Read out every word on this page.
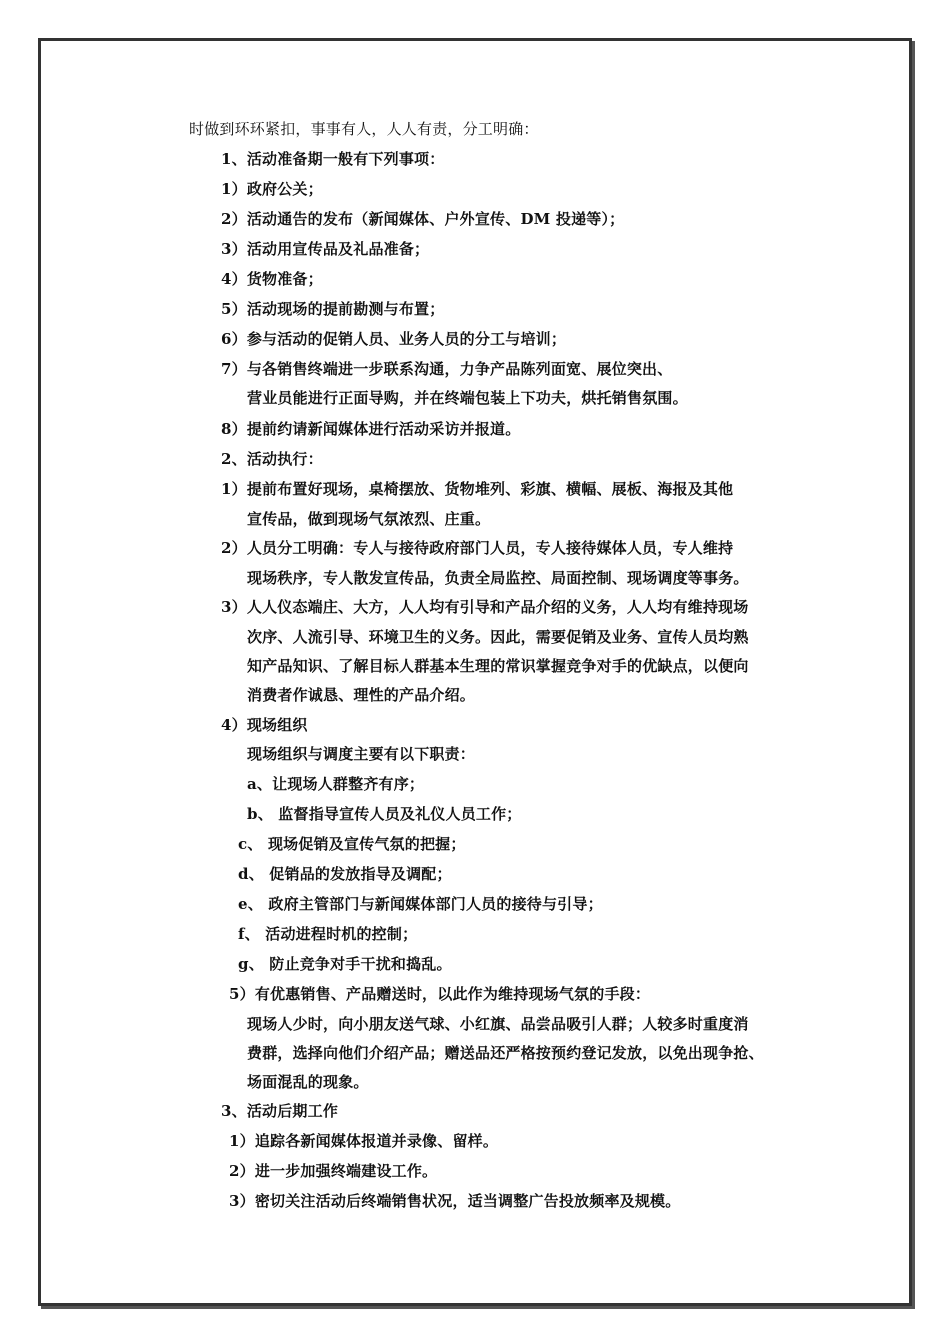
时做到环环紧扣，事事有人，人人有责，分工明确：
1、活动准备期一般有下列事项：
1）政府公关；
2）活动通告的发布（新闻媒体、户外宣传、DM 投递等）；
3）活动用宣传品及礼品准备；
4）货物准备；
5）活动现场的提前勘测与布置；
6）参与活动的促销人员、业务人员的分工与培训；
7）与各销售终端进一步联系沟通，力争产品陈列面宽、展位突出、
营业员能进行正面导购，并在终端包装上下功夫，烘托销售氛围。
8）提前约请新闻媒体进行活动采访并报道。
2、活动执行：
1）提前布置好现场，桌椅摆放、货物堆列、彩旗、横幅、展板、海报及其他
宣传品，做到现场气氛浓烈、庄重。
2）人员分工明确：专人与接待政府部门人员，专人接待媒体人员，专人维持
现场秩序，专人散发宣传品，负责全局监控、局面控制、现场调度等事务。
3）人人仪态端庄、大方，人人均有引导和产品介绍的义务，人人均有维持现场
次序、人流引导、环境卫生的义务。因此，需要促销及业务、宣传人员均熟
知产品知识、了解目标人群基本生理的常识掌握竞争对手的优缺点，以便向
消费者作诚恳、理性的产品介绍。
4）现场组织
现场组织与调度主要有以下职责：
a、让现场人群整齐有序；
b、 监督指导宣传人员及礼仪人员工作；
c、 现场促销及宣传气氛的把握；
d、 促销品的发放指导及调配；
e、 政府主管部门与新闻媒体部门人员的接待与引导；
f、 活动进程时机的控制；
g、 防止竞争对手干扰和捣乱。
5）有优惠销售、产品赠送时，以此作为维持现场气氛的手段：
现场人少时，向小朋友送气球、小红旗、品尝品吸引人群；人较多时重度消
费群，选择向他们介绍产品；赠送品还严格按预约登记发放，以免出现争抢、
场面混乱的现象。
3、活动后期工作
1）追踪各新闻媒体报道并录像、留样。
2）进一步加强终端建设工作。
3）密切关注活动后终端销售状况，适当调整广告投放频率及规模。
